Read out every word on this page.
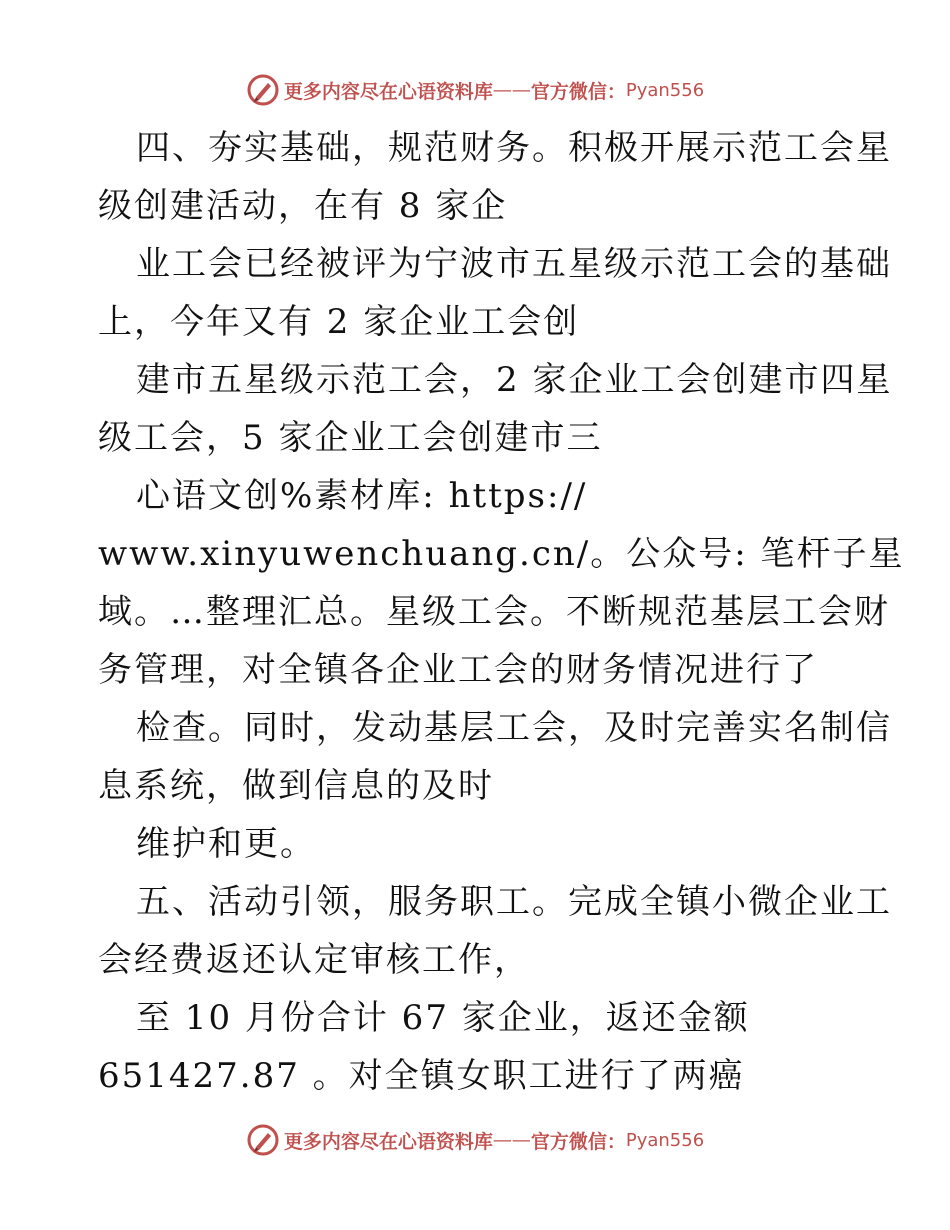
更多内容尽在心语资料库 —— 官方微信： Pyan556
四、夯实基础，规范财务。积极开展示范工会星
级创建活动，在有 8 家企
业工会已经被评为宁波市五星级示范工会的基础
上，今年又有 2 家企业工会创
建市五星级示范工会，2 家企业工会创建市四星
级工会，5 家企业工会创建市三
心语文创%素材库: https://
www.xinyuwenchuang.cn/。公众号: 笔杆子星
域。…整理汇总。星级工会。不断规范基层工会财
务管理，对全镇各企业工会的财务情况进行了
检查。同时，发动基层工会，及时完善实名制信
息系统，做到信息的及时
维护和更。
五、活动引领，服务职工。完成全镇小微企业工
会经费返还认定审核工作，
至 10 月份合计 67 家企业，返还金额
651427.87 。对全镇女职工进行了两癌
更多内容尽在心语资料库 —— 官方微信： Pyan556
